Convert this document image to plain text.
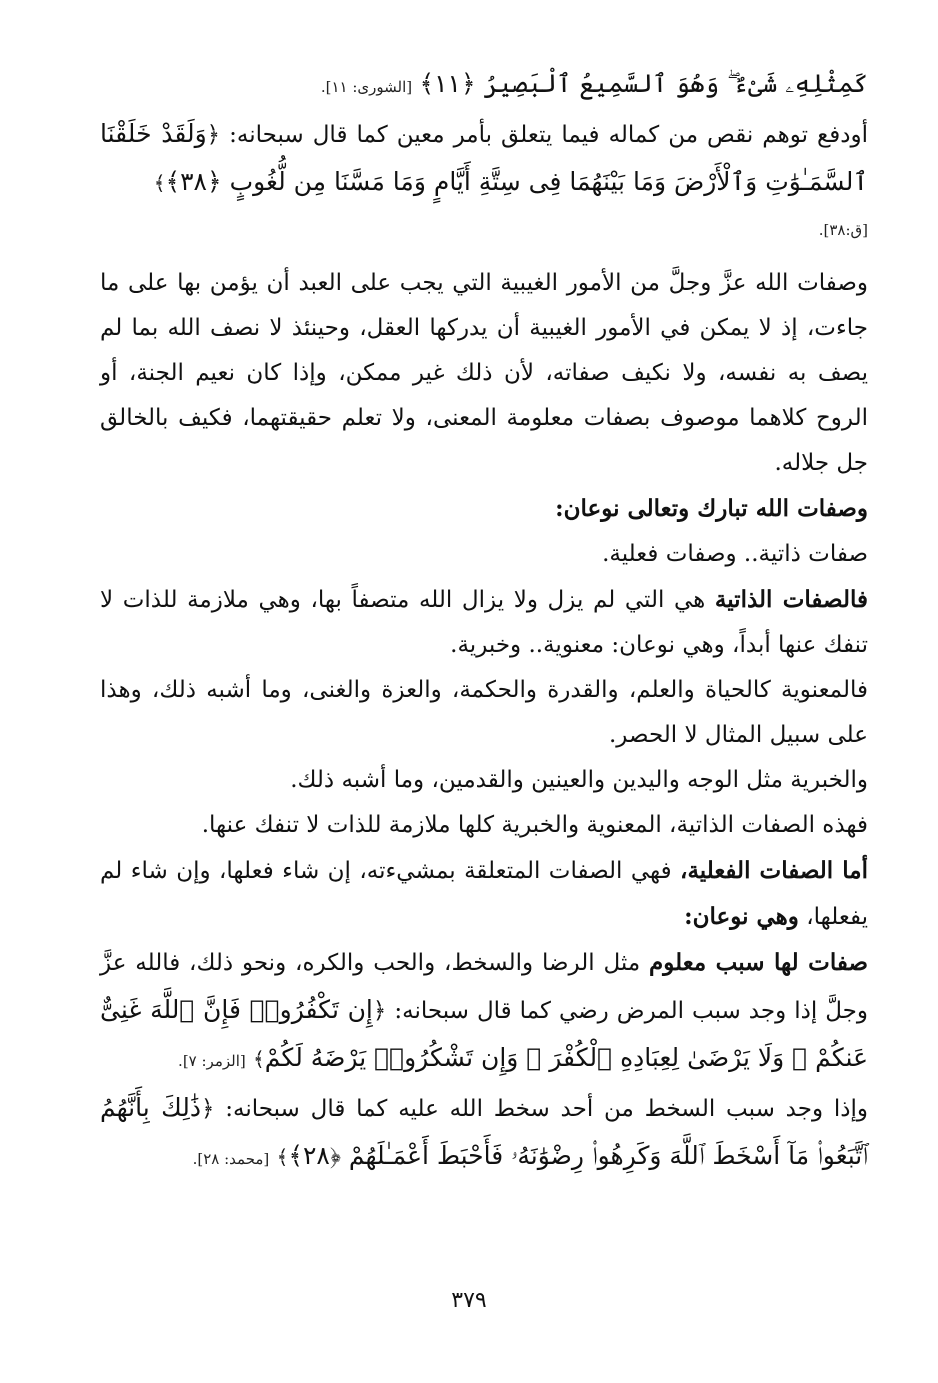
كَمِثْلِهِۦ شَىْءٌ ۖ وَهُوَ ٱلسَّمِيعُ ٱلْبَصِيرُ ﴿١١﴾ [الشورى: ١١].

أودفع توهم نقص من كماله فيما يتعلق بأمر معين كما قال سبحانه: ﴿وَلَقَدْ خَلَقْنَا ٱلسَّمَـٰوَٰتِ وَٱلْأَرْضَ وَمَا بَيْنَهُمَا فِى سِتَّةِ أَيَّامٍ وَمَا مَسَّنَا مِن لُّغُوبٍ ﴿٣٨﴾﴾
[ق:٣٨].

وصفات الله عزَّ وجلَّ من الأمور الغيبية التي يجب على العبد أن يؤمن بها على ما جاءت، إذ لا يمكن في الأمور الغيبية أن يدركها العقل، وحينئذ لا نصف الله بما لم يصف به نفسه، ولا نكيف صفاته، لأن ذلك غير ممكن، وإذا كان نعيم الجنة، أو الروح كلاهما موصوف بصفات معلومة المعنى، ولا تعلم حقيقتهما، فكيف بالخالق جل جلاله.

وصفات الله تبارك وتعالى نوعان:

صفات ذاتية.. وصفات فعلية.

فالصفات الذاتية هي التي لم يزل ولا يزال الله متصفاً بها، وهي ملازمة للذات لا تنفك عنها أبداً، وهي نوعان: معنوية.. وخبرية.

فالمعنوية كالحياة والعلم، والقدرة والحكمة، والعزة والغنى، وما أشبه ذلك، وهذا على سبيل المثال لا الحصر.

والخبرية مثل الوجه واليدين والعينين والقدمين، وما أشبه ذلك.

فهذه الصفات الذاتية، المعنوية والخبرية كلها ملازمة للذات لا تنفك عنها.

أما الصفات الفعلية، فهي الصفات المتعلقة بمشيءته، إن شاء فعلها، وإن شاء لم يفعلها، وهي نوعان:

صفات لها سبب معلوم مثل الرضا والسخط، والحب والكره، ونحو ذلك، فالله عزَّ وجلَّ إذا وجد سبب المرض رضي كما قال سبحانه: ﴿إِن تَكْفُرُوا۟ فَإِنَّ ٱللَّهَ غَنِىٌّ عَنكُمْ ۖ وَلَا يَرْضَىٰ لِعِبَادِهِ ٱلْكُفْرَ ۖ وَإِن تَشْكُرُوا۟ يَرْضَهُ لَكُمْ﴾ [الزمر: ٧].

وإذا وجد سبب السخط من أحد سخط الله عليه كما قال سبحانه: ﴿ذَٰلِكَ بِأَنَّهُمُ ٱتَّبَعُوا۟ مَآ أَسْخَطَ ٱللَّهَ وَكَرِهُوا۟ رِضْوَٰنَهُۥ فَأَحْبَطَ أَعْمَـٰلَهُمْ ﴿٢٨﴾﴾ [محمد: ٢٨].

٣٧٩
